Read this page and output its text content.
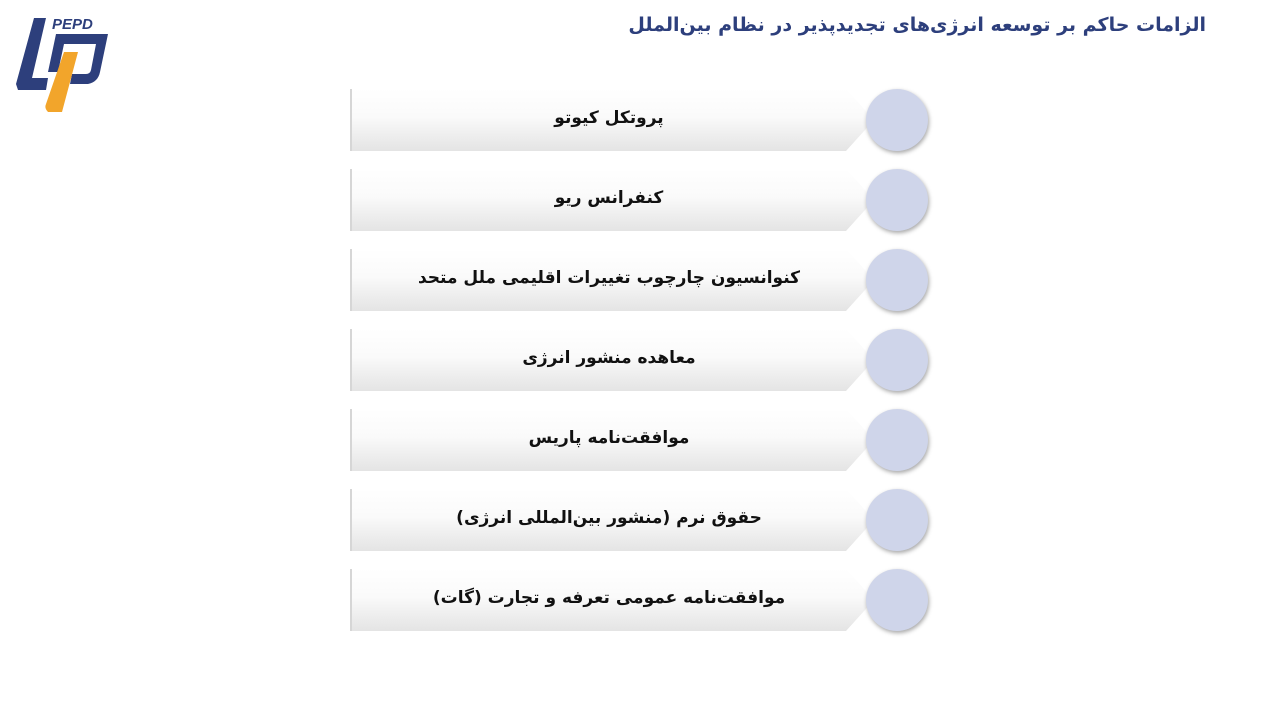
PEPD	الزامات حاکم بر توسعه انرژی‌های تجدیدپذیر در نظام بین‌الملل
پروتکل کیوتو
کنفرانس ریو
کنوانسیون چارچوب تغییرات اقلیمی ملل متحد
معاهده منشور انرژی
موافقت‌نامه پاریس
حقوق نرم (منشور بین‌المللی انرژی)
موافقت‌نامه عمومی تعرفه و تجارت (گات)
